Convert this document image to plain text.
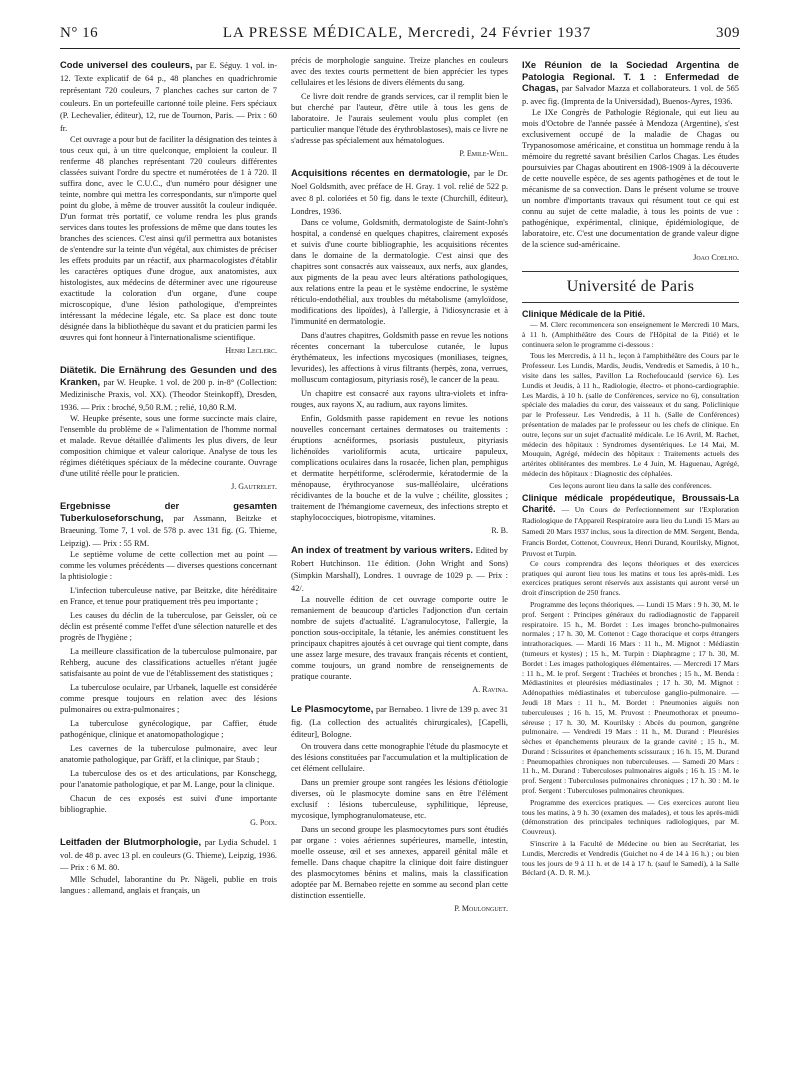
N° 16	LA PRESSE MÉDICALE, Mercredi, 24 Février 1937	309

Code universel des couleurs, par E. Séguy. 1 vol. in-12. Texte explicatif de 64 p., 48 planches en quadrichromie représentant 720 couleurs, 7 planches caches sur carton de 7 couleurs. En un portefeuille cartonné toile pleine. Fers spéciaux (P. Lechevalier, éditeur), 12, rue de Tournon, Paris. — Prix : 60 fr.

Cet ouvrage a pour but de faciliter la désignation des teintes à tous ceux qui, à un titre quelconque, emploient la couleur. Il renferme 48 planches représentant 720 couleurs différentes classées suivant l'ordre du spectre et numérotées de 1 à 720. Il suffira donc, avec le C.U.C., d'un numéro pour désigner une teinte, nombre qui mettra les correspondants, sur n'importe quel point du globe, à même de trouver aussitôt la couleur indiquée. D'un format très portatif, ce volume rendra les plus grands services dans toutes les professions de même que dans toutes les branches des sciences. C'est ainsi qu'il permettra aux botanistes de s'entendre sur la teinte d'un végétal, aux chimistes de préciser les effets produits par un réactif, aux pharmacologistes d'établir les caractères optiques d'une drogue, aux anatomistes, aux histologistes, aux médecins de déterminer avec une rigoureuse exactitude la coloration d'un organe, d'une coupe microscopique, d'une lésion pathologique, d'empreintes intéressant la médecine légale, etc. Sa place est donc toute désignée dans la bibliothèque du savant et du praticien parmi les œuvres qui font honneur à l'internationalisme scientifique.

Henri Leclerc.

Diätetik. Die Ernährung des Gesunden und des Kranken, par W. Heupke. 1 vol. de 200 p. in-8° (Collection: Medizinische Praxis, vol. XX). (Theodor Steinkopff), Dresden, 1936. — Prix : broché, 9,50 R.M. ; relié, 10,80 R.M.

W. Heupke présente, sous une forme succincte mais claire, l'ensemble du problème de « l'alimentation de l'homme normal et malade. Revue détaillée d'aliments les plus divers, de leur composition chimique et valeur calorique. Analyse de tous les régimes diététiques spéciaux de la médecine courante. Ouvrage d'une utilité réelle pour le praticien.

J. Gautrelet.

Ergebnisse der gesamten Tuberkuloseforschung, par Assmann, Beitzke et Braeuning. Tome 7, 1 vol. de 578 p. avec 131 fig. (G. Thieme, Leipzig). — Prix : 55 RM.

Le septième volume de cette collection met au point — comme les volumes précédents — diverses questions concernant la phtisiologie :

L'infection tuberculeuse native, par Beitzke, dite héréditaire en France, et tenue pour pratiquement très peu importante ;

Les causes du déclin de la tuberculose, par Geissler, où ce déclin est présenté comme l'effet d'une sélection naturelle et des progrès de l'hygiène ;

La meilleure classification de la tuberculose pulmonaire, par Rehberg, aucune des classifications actuelles n'étant jugée satisfaisante au point de vue de l'établissement des statistiques ;

La tuberculose oculaire, par Urbanek, laquelle est considérée comme presque toujours en relation avec des lésions pulmonaires ou extra-pulmonaires ;

La tuberculose gynécologique, par Caffier, étude pathogénique, clinique et anatomopathologique ;

Les cavernes de la tuberculose pulmonaire, avec leur anatomie pathologique, par Gräff, et la clinique, par Staub ;

La tuberculose des os et des articulations, par Konschegg, pour l'anatomie pathologique, et par M. Lange, pour la clinique.

Chacun de ces exposés est suivi d'une importante bibliographie.

G. Poix.

Leitfaden der Blutmorphologie, par Lydia Schudel. 1 vol. de 48 p. avec 13 pl. en couleurs (G. Thieme), Leipzig, 1936. — Prix : 6 M. 80.

Mlle Schudel, laborantine du Pr. Nägeli, publie en trois langues : allemand, anglais et français, un

précis de morphologie sanguine. Treize planches en couleurs avec des textes courts permettent de bien apprécier les types cellulaires et les lésions de divers éléments du sang.

Ce livre doit rendre de grands services, car il remplit bien le but cherché par l'auteur, d'être utile à tous les gens de laboratoire. Je l'aurais seulement voulu plus complet (en particulier manque l'étude des érythroblastoses), mais ce livre ne s'adresse pas spécialement aux hématologues.

P. Emile-Weil.

Acquisitions récentes en dermatologie, par le Dr. Noel Goldsmith, avec préface de H. Gray. 1 vol. relié de 522 p. avec 8 pl. coloriées et 50 fig. dans le texte (Churchill, éditeur), Londres, 1936.

Dans ce volume, Goldsmith, dermatologiste de Saint-John's hospital, a condensé en quelques chapitres, clairement exposés et suivis d'une courte bibliographie, les acquisitions récentes dans le domaine de la dermatologie. C'est ainsi que des chapitres sont consacrés aux vaisseaux, aux nerfs, aux glandes, aux pigments de la peau avec leurs altérations pathologiques, aux relations entre la peau et le système endocrine, le système réticulo-endothélial, aux troubles du métabolisme (amyloïdose, modifications des lipoïdes), à l'allergie, à l'idiosyncrasie et à l'immunité en dermatologie.

Dans d'autres chapitres, Goldsmith passe en revue les notions récentes concernant la tuberculose cutanée, le lupus érythémateux, les infections mycosiques (moniliases, teignes, levurides), les affections à virus filtrants (herpès, zona, verrues, molluscum contagiosum, pityriasis rosé), le cancer de la peau.

Un chapitre est consacré aux rayons ultra-violets et infra-rouges, aux rayons X, au radium, aux rayons limites.

Enfin, Goldsmith passe rapidement en revue les notions nouvelles concernant certaines dermatoses ou traitements : éruptions acnéiformes, psoriasis pustuleux, pityriasis lichénoïdes varioliformis acuta, urticaire papuleux, complications oculaires dans la rosacée, lichen plan, pemphigus et dermatite herpétiforme, sclérodermie, kératodermie de la ménopause, érythrocyanose sus-malléolaire, ulcérations récidivantes de la bouche et de la vulve ; chéilite, glossites ; traitement de l'hémangiome caverneux, des infections strepto et staphylococciques, biotropisme, vitamines.

R. B.

An index of treatment by various writers. Edited by Robert Hutchinson. 11e édition. (John Wright and Sons) (Simpkin Marshall), Londres. 1 ouvrage de 1029 p. — Prix : 42/.

La nouvelle édition de cet ouvrage comporte outre le remaniement de beaucoup d'articles l'adjonction d'un certain nombre de sujets d'actualité. L'agranulocytose, l'allergie, la ponction sous-occipitale, la tétanie, les anémies constituent les principaux chapitres ajoutés à cet ouvrage qui tient compte, dans une assez large mesure, des travaux français récents et contient, comme toujours, un grand nombre de renseignements de pratique courante.

A. Ravina.

Le Plasmocytome, par Bernabeo. 1 livre de 139 p. avec 31 fig. (La collection des actualités chirurgicales), [Capelli, éditeur], Bologne.

On trouvera dans cette monographie l'étude du plasmocyte et des lésions constituées par l'accumulation et la multiplication de cet élément cellulaire.

Dans un premier groupe sont rangées les lésions d'étiologie diverses, où le plasmocyte domine sans en être l'élément exclusif : lésions tuberculeuse, syphilitique, lépreuse, mycosique, lymphogranulomateuse, etc.

Dans un second groupe les plasmocytomes purs sont étudiés par organe : voies aériennes supérieures, mamelle, intestin, moelle osseuse, œil et ses annexes, appareil génital mâle et femelle. Dans chaque chapitre la clinique doit faire distinguer des plasmocytomes bénins et malins, mais la classification adoptée par M. Bernabeo rejette en somme au second plan cette distinction essentielle.

P. Moulonguet.

IXe Réunion de la Sociedad Argentina de Patologia Regional. T. 1 : Enfermedad de Chagas, par Salvador Mazza et collaborateurs. 1 vol. de 565 p. avec fig. (Imprenta de la Universidad), Buenos-Ayres, 1936.

Le IXe Congrès de Pathologie Régionale, qui eut lieu au mois d'Octobre de l'année passée à Mendoza (Argentine), s'est exclusivement occupé de la maladie de Chagas ou Trypanosomose américaine, et constitua un hommage rendu à la mémoire du regretté savant brésilien Carlos Chagas. Les études poursuivies par Chagas aboutirent en 1908-1909 à la découverte de cette nouvelle espèce, de ses agents pathogènes et de tout le mécanisme de sa convection. Dans le présent volume se trouve un nombre d'importants travaux qui résument tout ce qui est connu au sujet de cette maladie, à tous les points de vue : pathogénique, expérimental, clinique, épidémiologique, de laboratoire, etc. C'est une documentation de grande valeur digne de la science sud-américaine.

Joao Coelho.

Université de Paris

Clinique Médicale de la Pitié.

— M. Clerc recommencera son enseignement le Mercredi 10 Mars, à 11 h. (Amphithéâtre des Cours de l'Hôpital de la Pitié) et le continuera selon le programme ci-dessous :

Tous les Mercredis, à 11 h., leçon à l'amphithéâtre des Cours par le Professeur. Les Lundis, Mardis, Jeudis, Vendredis et Samedis, à 10 h., visite dans les salles, Pavillon La Rochefoucauld (service 6). Les Lundis et Jeudis, à 11 h., Radiologie, électro- et phono-cardiographie. Les Mardis, à 10 h. (salle de Conférences, service no 6), consultation spéciale des maladies du cœur, des vaisseaux et du sang. Policlinique par le Professeur. Les Vendredis, à 11 h. (Salle de Conférences) présentation de malades par le professeur ou les chefs de clinique. En outre, leçons sur un sujet d'actualité médicale. Le 16 Avril, M. Rachet, médecin des hôpitaux : Syndromes dysentériques. Le 14 Mai, M. Mouquin, Agrégé, médecin des hôpitaux : Traitements actuels des artérites oblitérantes des membres. Le 4 Juin, M. Haguenau, Agrégé, médecin des hôpitaux : Diagnostic des céphalées.

Ces leçons auront lieu dans la salle des conférences.

Clinique médicale propédeutique, Broussais-La Charité. — Un Cours de Perfectionnement sur l'Exploration Radiologique de l'Appareil Respiratoire aura lieu du Lundi 15 Mars au Samedi 20 Mars 1937 inclus, sous la direction de MM. Sergent, Benda, Francis Bordet, Cottenot, Couvreux, Henri Durand, Kourilsky, Mignot, Pruvost et Turpin.

Ce cours comprendra des leçons théoriques et des exercices pratiques qui auront lieu tous les matins et tous les après-midi. Les exercices pratiques seront réservés aux assistants qui auront versé un droit d'inscription de 250 francs.

Programme des leçons théoriques. — Lundi 15 Mars : 9 h. 30, M. le prof. Sergent : Principes généraux du radiodiagnostic de l'appareil respiratoire. 15 h., M. Bordet : Les images broncho-pulmonaires normales ; 17 h. 30, M. Cottenot : Cage thoracique et corps étrangers intrathoraciques. — Mardi 16 Mars : 11 h., M. Mignot : Médiastin (tumeurs et kystes) ; 15 h., M. Turpin : Diaphragme ; 17 h. 30, M. Bordet : Les images pathologiques élémentaires. — Mercredi 17 Mars : 11 h., M. le prof. Sergent : Trachées et bronches ; 15 h., M. Benda : Médiastinites et pleurésies médiastinales ; 17 h. 30, M. Mignot : Adénopathies médiastinales et tuberculose ganglio-pulmonaire. — Jeudi 18 Mars : 11 h., M. Bordet : Pneumonies aiguës non tuberculeuses ; 16 h. 15, M. Pruvost : Pneumothorax et pneumo-séreuse ; 17 h. 30, M. Kourilsky : Abcès du poumon, gangrène pulmonaire. — Vendredi 19 Mars : 11 h., M. Durand : Pleurésies sèches et épanchements pleuraux de la grande cavité ; 15 h., M. Durand : Scissurites et épanchements scissuraux ; 16 h. 15, M. Durand : Pneumopathies chroniques non tuberculeuses. — Samedi 20 Mars : 11 h., M. Durand : Tuberculoses pulmonaires aiguës ; 16 h. 15 : M. le prof. Sergent : Tuberculoses pulmonaires chroniques ; 17 h. 30 : M. le prof. Sergent : Tuberculoses pulmonaires chroniques.

Programme des exercices pratiques. — Ces exercices auront lieu tous les matins, à 9 h. 30 (examen des malades), et tous les après-midi (démonstration des principales techniques radiologiques, par M. Couvreux).

S'inscrire à la Faculté de Médecine ou bien au Secrétariat, les Lundis, Mercredis et Vendredis (Guichet no 4 de 14 à 16 h.) ; ou bien tous les jours de 9 à 11 h. et de 14 à 17 h. (sauf le Samedi), à la Salle Béclard (A. D. R. M.).
